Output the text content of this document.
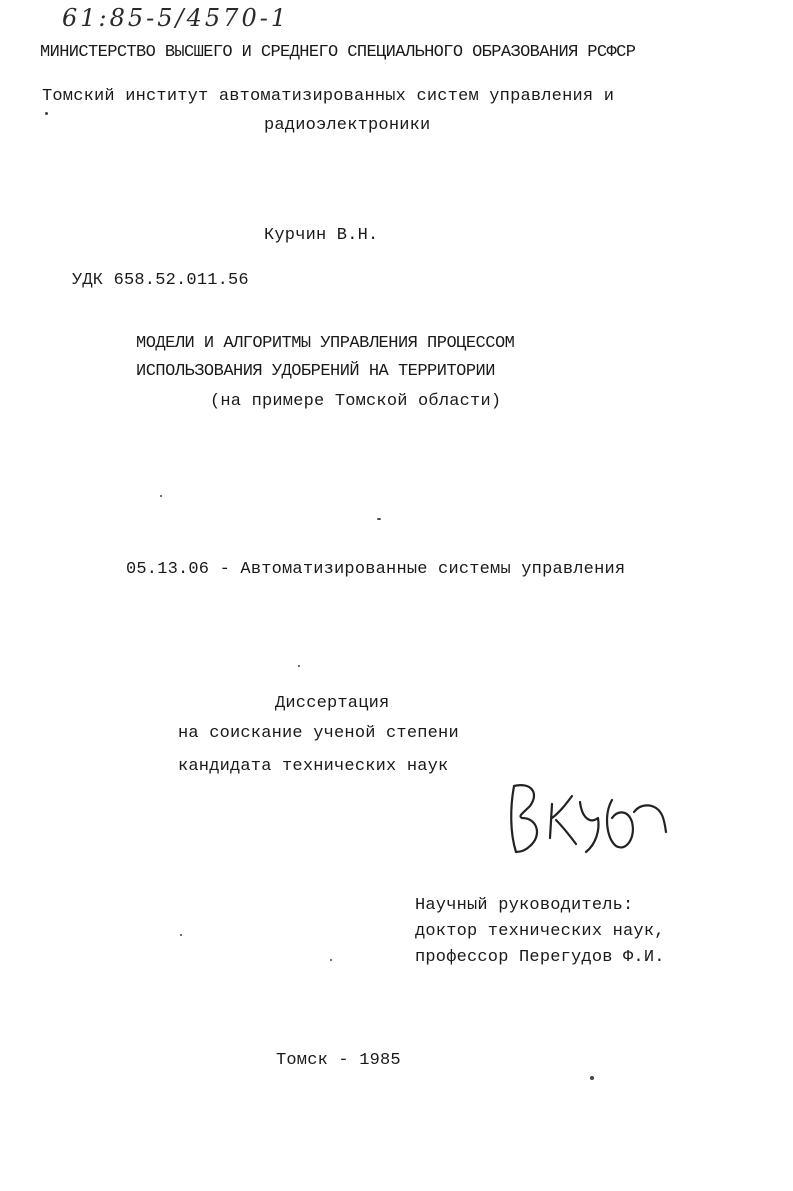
61:85-5/4570-1
МИНИСТЕРСТВО ВЫСШЕГО И СРЕДНЕГО СПЕЦИАЛЬНОГО ОБРАЗОВАНИЯ РСФСР
Томский институт автоматизированных систем управления и
радиоэлектроники
Курчин В.Н.
УДК 658.52.011.56
МОДЕЛИ И АЛГОРИТМЫ УПРАВЛЕНИЯ ПРОЦЕССОМ
ИСПОЛЬЗОВАНИЯ УДОБРЕНИЙ НА ТЕРРИТОРИИ
(на примере Томской области)
05.13.06 - Автоматизированные системы управления
Диссертация
на соискание ученой степени
кандидата технических наук
Научный руководитель:
доктор технических наук,
профессор Перегудов Ф.И.
Томск - 1985
